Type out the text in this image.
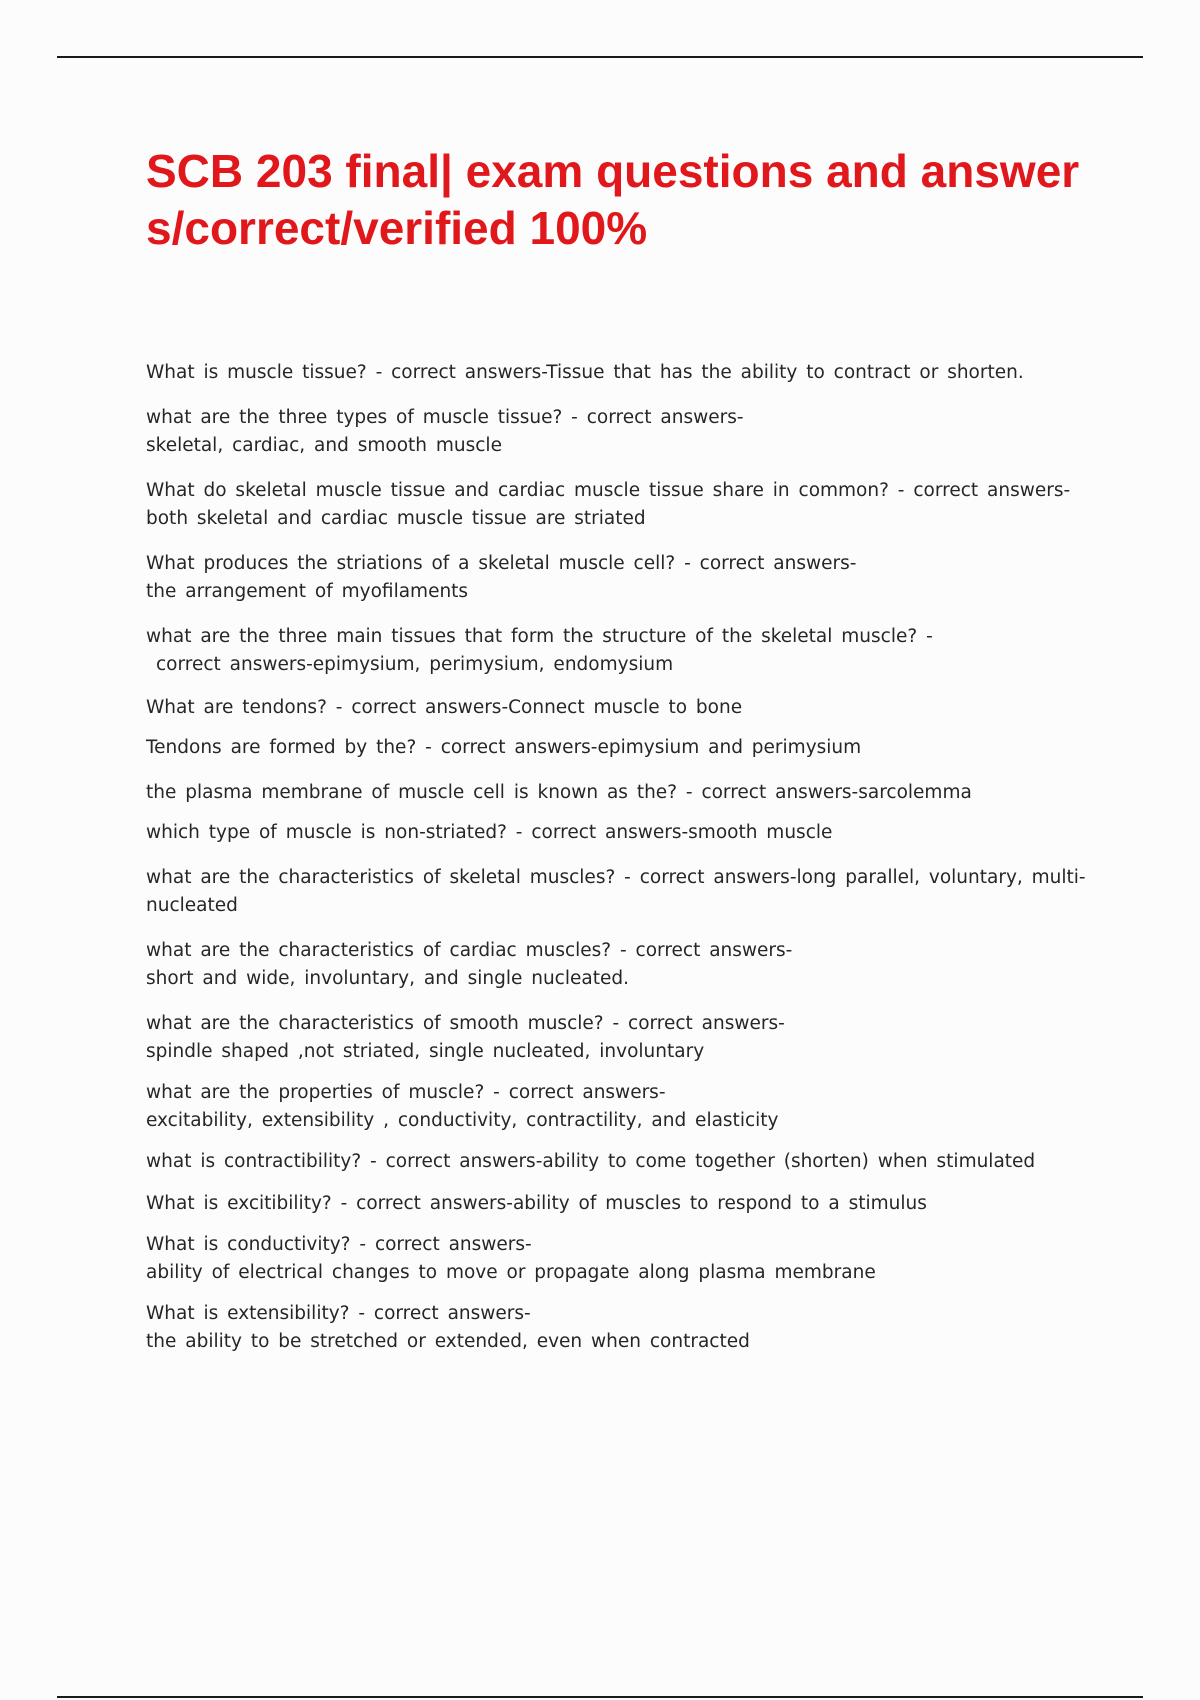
SCB 203 final| exam questions and answers/correct/verified 100%
What is muscle tissue? - correct answers-Tissue that has the ability to contract or shorten.
what are the three types of muscle tissue? - correct answers-
skeletal, cardiac, and smooth muscle
What do skeletal muscle tissue and cardiac muscle tissue share in common? - correct answers-
both skeletal and cardiac muscle tissue are striated
What produces the striations of a skeletal muscle cell? - correct answers-
the arrangement of myofilaments
what are the three main tissues that form the structure of the skeletal muscle? -
correct answers-epimysium, perimysium, endomysium
What are tendons? - correct answers-Connect muscle to bone
Tendons are formed by the? - correct answers-epimysium and perimysium
the plasma membrane of muscle cell is known as the? - correct answers-sarcolemma
which type of muscle is non-striated? - correct answers-smooth muscle
what are the characteristics of skeletal muscles? - correct answers-long parallel, voluntary, multi-
nucleated
what are the characteristics of cardiac muscles? - correct answers-
short and wide, involuntary, and single nucleated.
what are the characteristics of smooth muscle? - correct answers-
spindle shaped ,not striated, single nucleated, involuntary
what are the properties of muscle? - correct answers-
excitability, extensibility , conductivity, contractility, and elasticity
what is contractibility? - correct answers-ability to come together (shorten) when stimulated
What is excitibility? - correct answers-ability of muscles to respond to a stimulus
What is conductivity? - correct answers-
ability of electrical changes to move or propagate along plasma membrane
What is extensibility? - correct answers-
the ability to be stretched or extended, even when contracted
